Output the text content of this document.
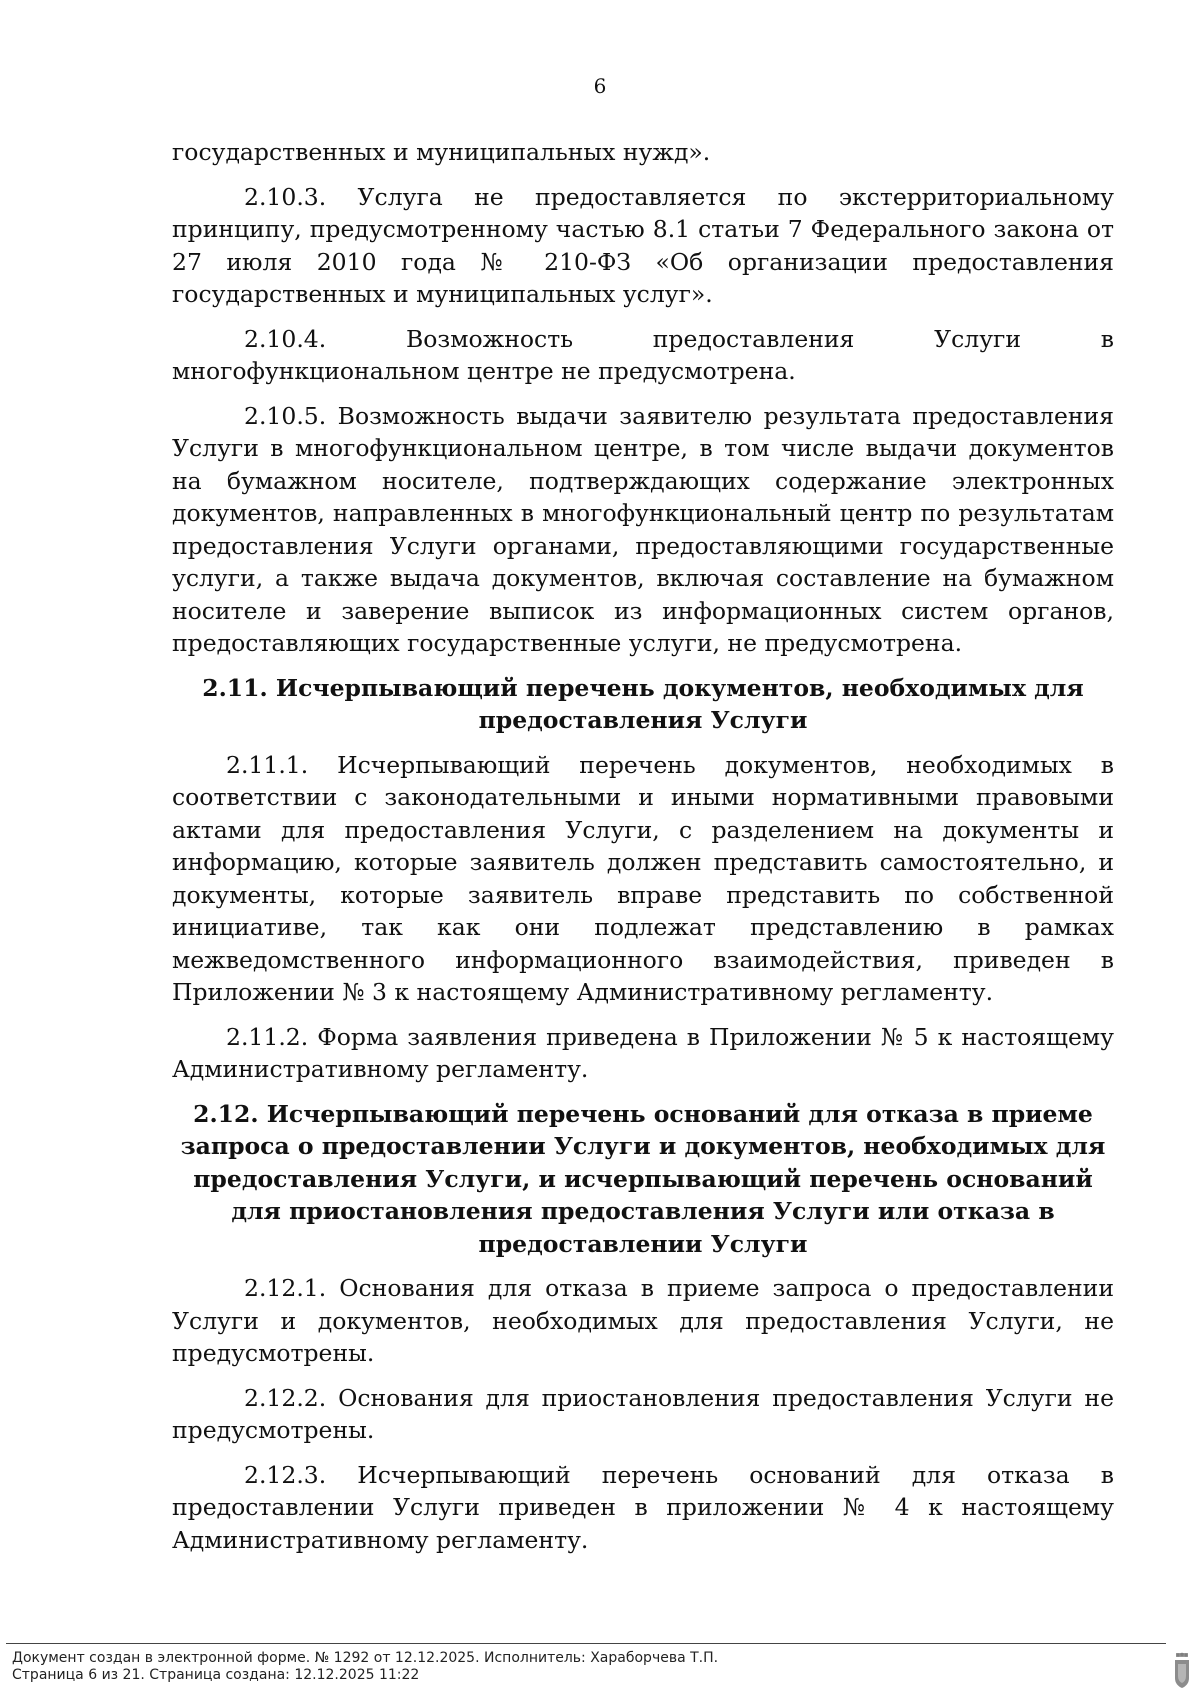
6

государственных и муниципальных нужд».

2.10.3. Услуга не предоставляется по экстерриториальному принципу, предусмотренному частью 8.1 статьи 7 Федерального закона от 27 июля 2010 года № 210-ФЗ «Об организации предоставления государственных и муниципальных услуг».

2.10.4. Возможность предоставления Услуги в многофункциональном центре не предусмотрена.

2.10.5. Возможность выдачи заявителю результата предоставления Услуги в многофункциональном центре, в том числе выдачи документов на бумажном носителе, подтверждающих содержание электронных документов, направленных в многофункциональный центр по результатам предоставления Услуги органами, предоставляющими государственные услуги, а также выдача документов, включая составление на бумажном носителе и заверение выписок из информационных систем органов, предоставляющих государственные услуги, не предусмотрена.

2.11. Исчерпывающий перечень документов, необходимых для предоставления Услуги

2.11.1. Исчерпывающий перечень документов, необходимых в соответствии с законодательными и иными нормативными правовыми актами для предоставления Услуги, с разделением на документы и информацию, которые заявитель должен представить самостоятельно, и документы, которые заявитель вправе представить по собственной инициативе, так как они подлежат представлению в рамках межведомственного информационного взаимодействия, приведен в Приложении № 3 к настоящему Административному регламенту.

2.11.2. Форма заявления приведена в Приложении № 5 к настоящему Административному регламенту.

2.12. Исчерпывающий перечень оснований для отказа в приеме запроса о предоставлении Услуги и документов, необходимых для предоставления Услуги, и исчерпывающий перечень оснований для приостановления предоставления Услуги или отказа в предоставлении Услуги

2.12.1. Основания для отказа в приеме запроса о предоставлении Услуги и документов, необходимых для предоставления Услуги, не предусмотрены.

2.12.2. Основания для приостановления предоставления Услуги не предусмотрены.

2.12.3. Исчерпывающий перечень оснований для отказа в предоставлении Услуги приведен в приложении № 4 к настоящему Административному регламенту.

Документ создан в электронной форме. № 1292 от 12.12.2025. Исполнитель: Хараборчева Т.П.
Страница 6 из 21. Страница создана: 12.12.2025 11:22
